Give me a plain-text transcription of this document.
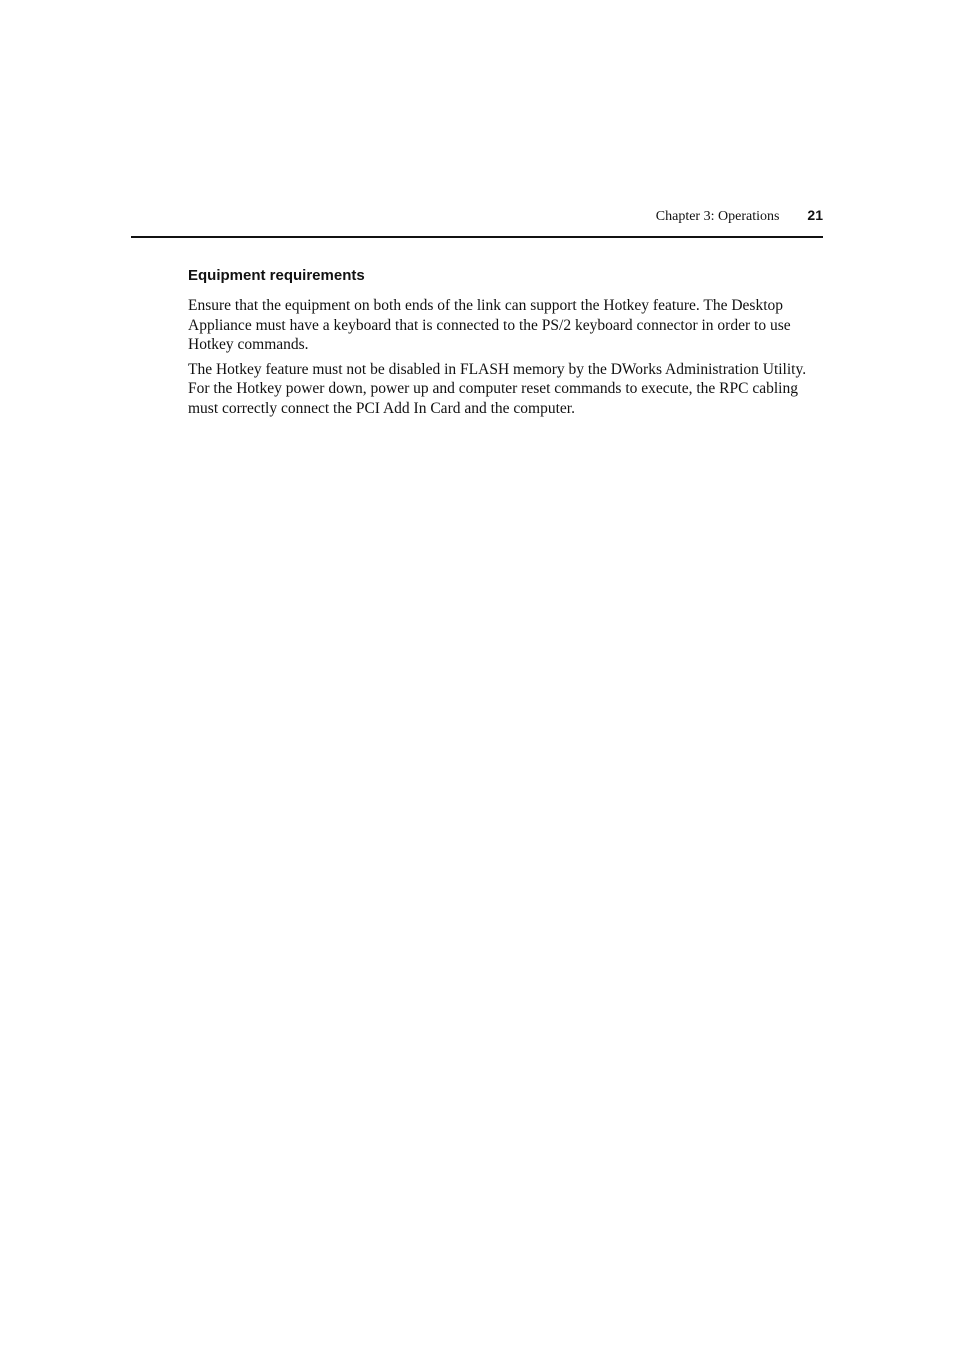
Chapter 3: Operations 21
Equipment requirements

Ensure that the equipment on both ends of the link can support the Hotkey feature. The Desktop Appliance must have a keyboard that is connected to the PS/2 keyboard connector in order to use Hotkey commands.

The Hotkey feature must not be disabled in FLASH memory by the DWorks Administration Utility. For the Hotkey power down, power up and computer reset commands to execute, the RPC cabling must correctly connect the PCI Add In Card and the computer.
